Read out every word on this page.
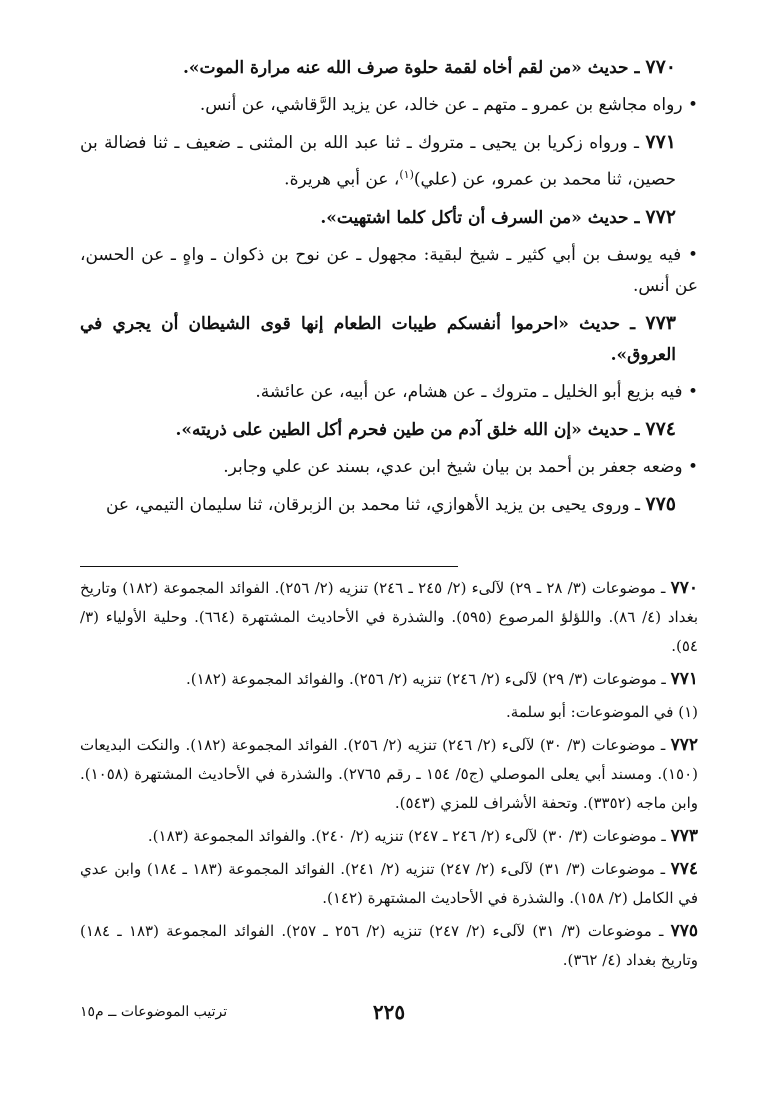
٧٧٠ ـ حديث «من لقم أخاه لقمة حلوة صرف الله عنه مرارة الموت».

• رواه مجاشع بن عمرو ـ متهم ـ عن خالد، عن يزيد الرَّقاشي، عن أنس.

٧٧١ ـ ورواه زكريا بن يحيى ـ متروك ـ ثنا عبد الله بن المثنى ـ ضعيف ـ ثنا فضالة بن حصين، ثنا محمد بن عمرو، عن (علي)$^{(١)}$، عن أبي هريرة.

٧٧٢ ـ حديث «من السرف أن تأكل كلما اشتهيت».

• فيه يوسف بن أبي كثير ـ شيخ لبقية: مجهول ـ عن نوح بن ذكوان ـ واهٍ ـ عن الحسن، عن أنس.

٧٧٣ ـ حديث «احرموا أنفسكم طيبات الطعام إنها قوى الشيطان أن يجري في العروق».

• فيه بزيع أبو الخليل ـ متروك ـ عن هشام، عن أبيه، عن عائشة.

٧٧٤ ـ حديث «إن الله خلق آدم من طين فحرم أكل الطين على ذريته».

• وضعه جعفر بن أحمد بن بيان شيخ ابن عدي، بسند عن علي وجابر.

٧٧٥ ـ وروى يحيى بن يزيد الأهوازي، ثنا محمد بن الزبرقان، ثنا سليمان التيمي، عن

٧٧٠ ـ موضوعات (٣/ ٢٨ ـ ٢٩) لآلىء (٢/ ٢٤٥ ـ ٢٤٦) تنزيه (٢/ ٢٥٦). الفوائد المجموعة (١٨٢) وتاريخ بغداد (٤/ ٨٦). واللؤلؤ المرصوع (٥٩٥). والشذرة في الأحاديث المشتهرة (٦٦٤). وحلية الأولياء (٣/ ٥٤).

٧٧١ ـ موضوعات (٣/ ٢٩) لآلىء (٢/ ٢٤٦) تنزيه (٢/ ٢٥٦). والفوائد المجموعة (١٨٢).

(١) في الموضوعات: أبو سلمة.

٧٧٢ ـ موضوعات (٣/ ٣٠) لآلىء (٢/ ٢٤٦) تنزيه (٢/ ٢٥٦). الفوائد المجموعة (١٨٢). والنكت البديعات (١٥٠). ومسند أبي يعلى الموصلي (ج٥/ ١٥٤ ـ رقم ٢٧٦٥). والشذرة في الأحاديث المشتهرة (١٠٥٨). وابن ماجه (٣٣٥٢). وتحفة الأشراف للمزي (٥٤٣).

٧٧٣ ـ موضوعات (٣/ ٣٠) لآلىء (٢/ ٢٤٦ ـ ٢٤٧) تنزيه (٢/ ٢٤٠). والفوائد المجموعة (١٨٣).

٧٧٤ ـ موضوعات (٣/ ٣١) لآلىء (٢/ ٢٤٧) تنزيه (٢/ ٢٤١). الفوائد المجموعة (١٨٣ ـ ١٨٤) وابن عدي في الكامل (٢/ ١٥٨). والشذرة في الأحاديث المشتهرة (١٤٢).

٧٧٥ ـ موضوعات (٣/ ٣١) لآلىء (٢/ ٢٤٧) تنزيه (٢/ ٢٥٦ ـ ٢٥٧). الفوائد المجموعة (١٨٣ ـ ١٨٤) وتاريخ بغداد (٤/ ٣٦٢).

٢٢٥
ترتيب الموضوعات ــ م١٥
